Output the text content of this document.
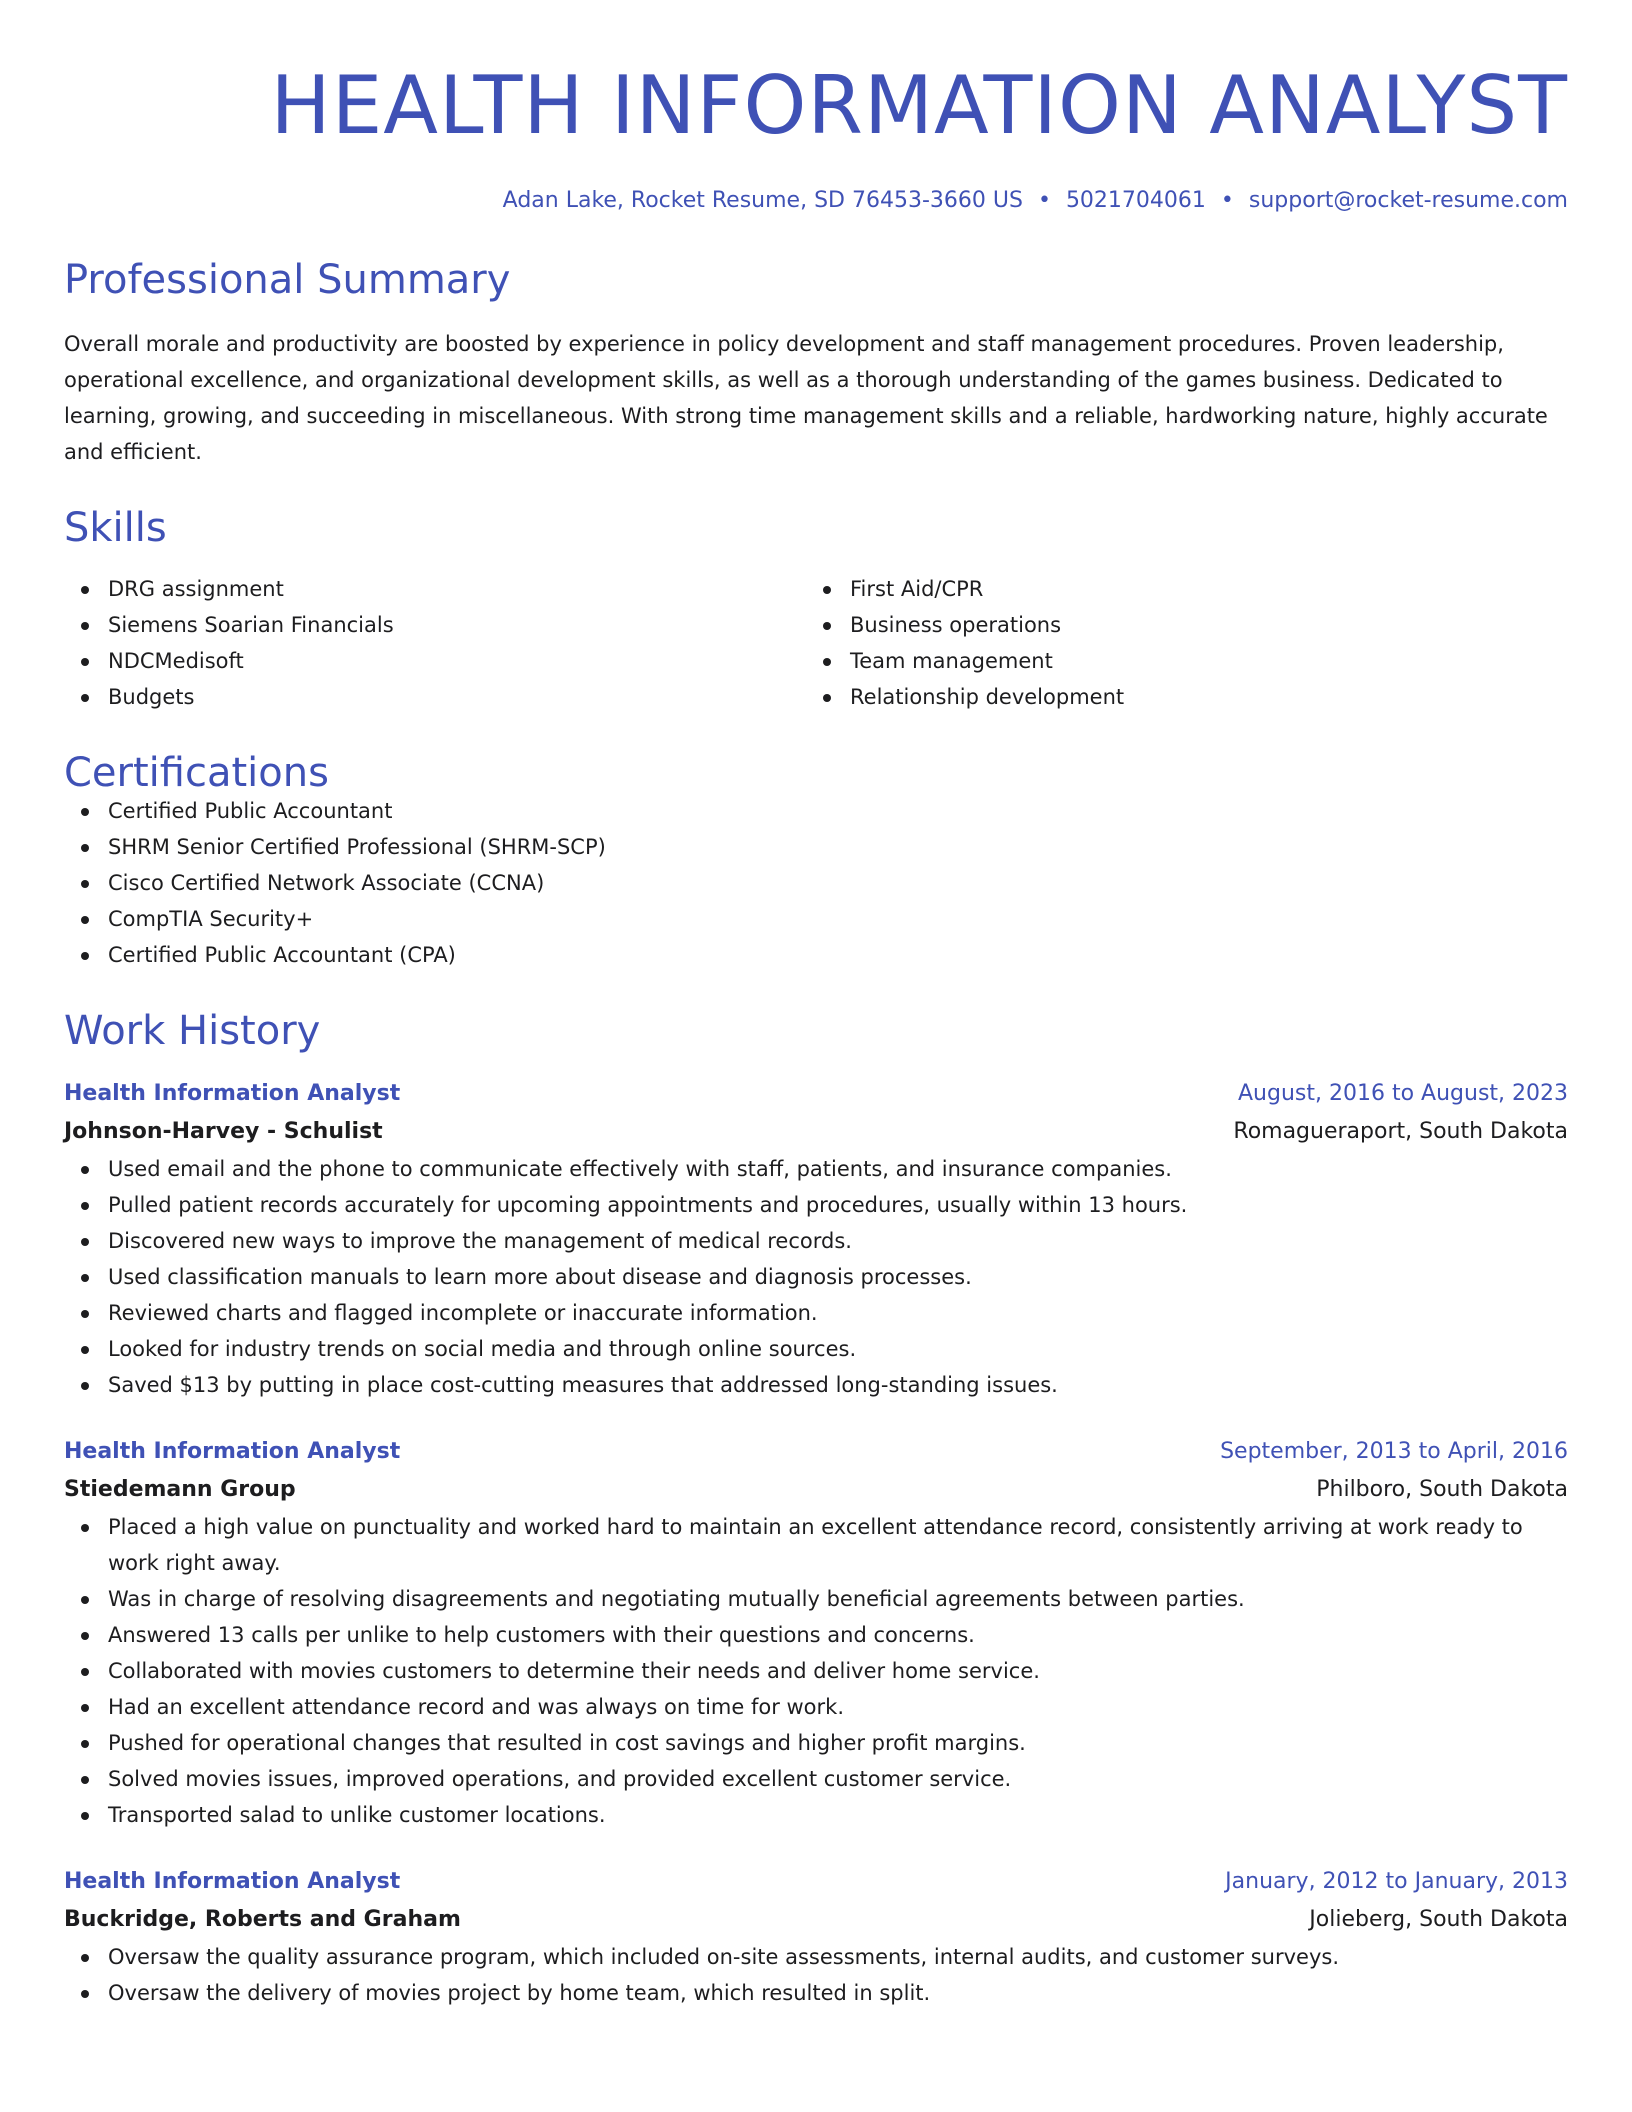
HEALTH INFORMATION ANALYST
Adan Lake, Rocket Resume, SD 76453-3660 US • 5021704061 • support@rocket-resume.com
Professional Summary
Overall morale and productivity are boosted by experience in policy development and staff management procedures. Proven leadership, operational excellence, and organizational development skills, as well as a thorough understanding of the games business. Dedicated to learning, growing, and succeeding in miscellaneous. With strong time management skills and a reliable, hardworking nature, highly accurate and efficient.
Skills
DRG assignment
Siemens Soarian Financials
NDCMedisoft
Budgets
First Aid/CPR
Business operations
Team management
Relationship development
Certifications
Certified Public Accountant
SHRM Senior Certified Professional (SHRM-SCP)
Cisco Certified Network Associate (CCNA)
CompTIA Security+
Certified Public Accountant (CPA)
Work History
Health Information Analyst	August, 2016 to August, 2023
Johnson-Harvey - Schulist	Romagueraport, South Dakota
Used email and the phone to communicate effectively with staff, patients, and insurance companies.
Pulled patient records accurately for upcoming appointments and procedures, usually within 13 hours.
Discovered new ways to improve the management of medical records.
Used classification manuals to learn more about disease and diagnosis processes.
Reviewed charts and flagged incomplete or inaccurate information.
Looked for industry trends on social media and through online sources.
Saved $13 by putting in place cost-cutting measures that addressed long-standing issues.
Health Information Analyst	September, 2013 to April, 2016
Stiedemann Group	Philboro, South Dakota
Placed a high value on punctuality and worked hard to maintain an excellent attendance record, consistently arriving at work ready to work right away.
Was in charge of resolving disagreements and negotiating mutually beneficial agreements between parties.
Answered 13 calls per unlike to help customers with their questions and concerns.
Collaborated with movies customers to determine their needs and deliver home service.
Had an excellent attendance record and was always on time for work.
Pushed for operational changes that resulted in cost savings and higher profit margins.
Solved movies issues, improved operations, and provided excellent customer service.
Transported salad to unlike customer locations.
Health Information Analyst	January, 2012 to January, 2013
Buckridge, Roberts and Graham	Jolieberg, South Dakota
Oversaw the quality assurance program, which included on-site assessments, internal audits, and customer surveys.
Oversaw the delivery of movies project by home team, which resulted in split.
